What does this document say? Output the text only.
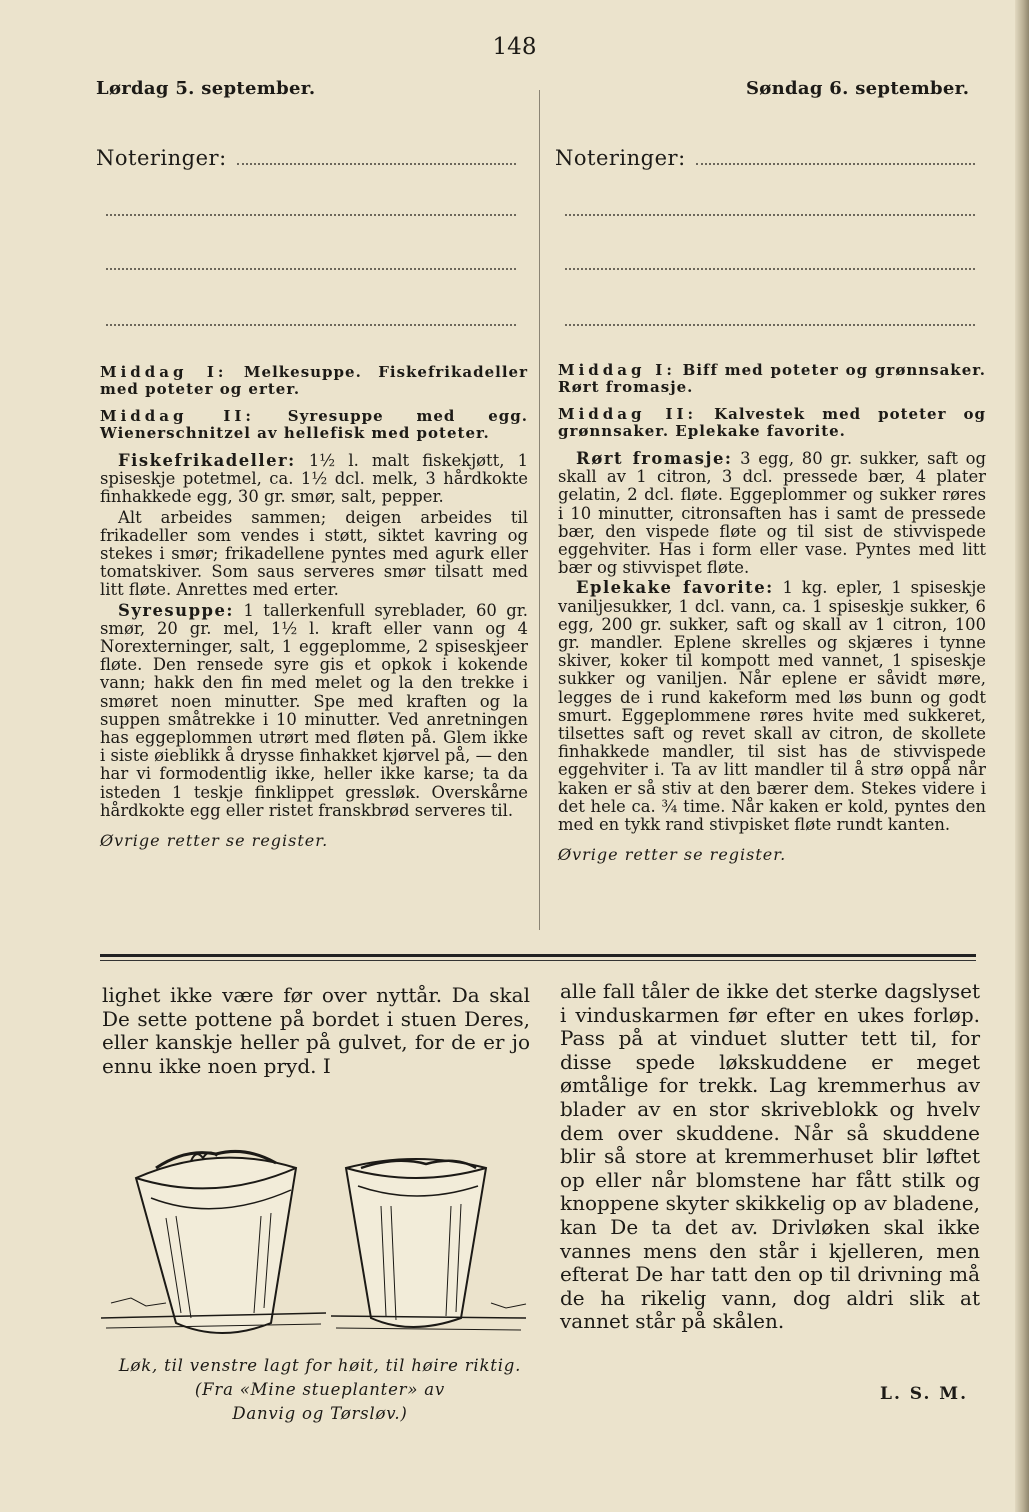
148
Lørdag 5. september.	Søndag 6. september.
Noteringer:	Noteringer:
Middag I: Melkesuppe. Fiskefrikadeller med poteter og erter.
Middag II: Syresuppe med egg. Wienerschnitzel av hellefisk med poteter.

Fiskefrikadeller: 1½ l. malt fiskekjøtt, 1 spiseskje potetmel, ca. 1½ dcl. melk, 3 hårdkokte finhakkede egg, 30 gr. smør, salt, pepper.

Alt arbeides sammen; deigen arbeides til frikadeller som vendes i støtt, siktet kavring og stekes i smør; frikadellene pyntes med agurk eller tomatskiver. Som saus serveres smør tilsatt med litt fløte. Anrettes med erter.

Syresuppe: 1 tallerkenfull syreblader, 60 gr. smør, 20 gr. mel, 1½ l. kraft eller vann og 4 Norexterninger, salt, 1 eggeplomme, 2 spiseskjeer fløte. Den rensede syre gis et opkok i kokende vann; hakk den fin med melet og la den trekke i smøret noen minutter. Spe med kraften og la suppen småtrekke i 10 minutter. Ved anretningen has eggeplommen utrørt med fløten på. Glem ikke i siste øieblikk å drysse finhakket kjørvel på, — den har vi formodentlig ikke, heller ikke karse; ta da isteden 1 teskje finklippet gressløk. Overskårne hårdkokte egg eller ristet franskbrød serveres til.

Øvrige retter se register.
Middag I: Biff med poteter og grønnsaker. Rørt fromasje.
Middag II: Kalvestek med poteter og grønnsaker. Eplekake favorite.

Rørt fromasje: 3 egg, 80 gr. sukker, saft og skall av 1 citron, 3 dcl. pressede bær, 4 plater gelatin, 2 dcl. fløte. Eggeplommer og sukker røres i 10 minutter, citronsaften has i samt de pressede bær, den vispede fløte og til sist de stivvispede eggehviter. Has i form eller vase. Pyntes med litt bær og stivvispet fløte.

Eplekake favorite: 1 kg. epler, 1 spiseskje vaniljesukker, 1 dcl. vann, ca. 1 spiseskje sukker, 6 egg, 200 gr. sukker, saft og skall av 1 citron, 100 gr. mandler. Eplene skrelles og skjæres i tynne skiver, koker til kompott med vannet, 1 spiseskje sukker og vaniljen. Når eplene er såvidt møre, legges de i rund kakeform med løs bunn og godt smurt. Eggeplommene røres hvite med sukkeret, tilsettes saft og revet skall av citron, de skollete finhakkede mandler, til sist has de stivvispede eggehviter i. Ta av litt mandler til å strø oppå når kaken er så stiv at den bærer dem. Stekes videre i det hele ca. ¾ time. Når kaken er kold, pyntes den med en tykk rand stivpisket fløte rundt kanten.

Øvrige retter se register.
lighet ikke være før over nyttår. Da skal De sette pottene på bordet i stuen Deres, eller kanskje heller på gulvet, for de er jo ennu ikke noen pryd. I
alle fall tåler de ikke det sterke dagslyset i vinduskarmen før efter en ukes forløp. Pass på at vinduet slutter tett til, for disse spede løkskuddene er meget ømtålige for trekk. Lag kremmerhus av blader av en stor skriveblokk og hvelv dem over skuddene. Når så skuddene blir så store at kremmerhuset blir løftet op eller når blomstene har fått stilk og knoppene skyter skikkelig op av bladene, kan De ta det av. Drivløken skal ikke vannes mens den står i kjelleren, men efterat De har tatt den op til drivning må de ha rikelig vann, dog aldri slik at vannet står på skålen.
Løk, til venstre lagt for høit, til høire riktig.
(Fra «Mine stueplanter» av
Danvig og Tørsløv.)
L. S. M.
